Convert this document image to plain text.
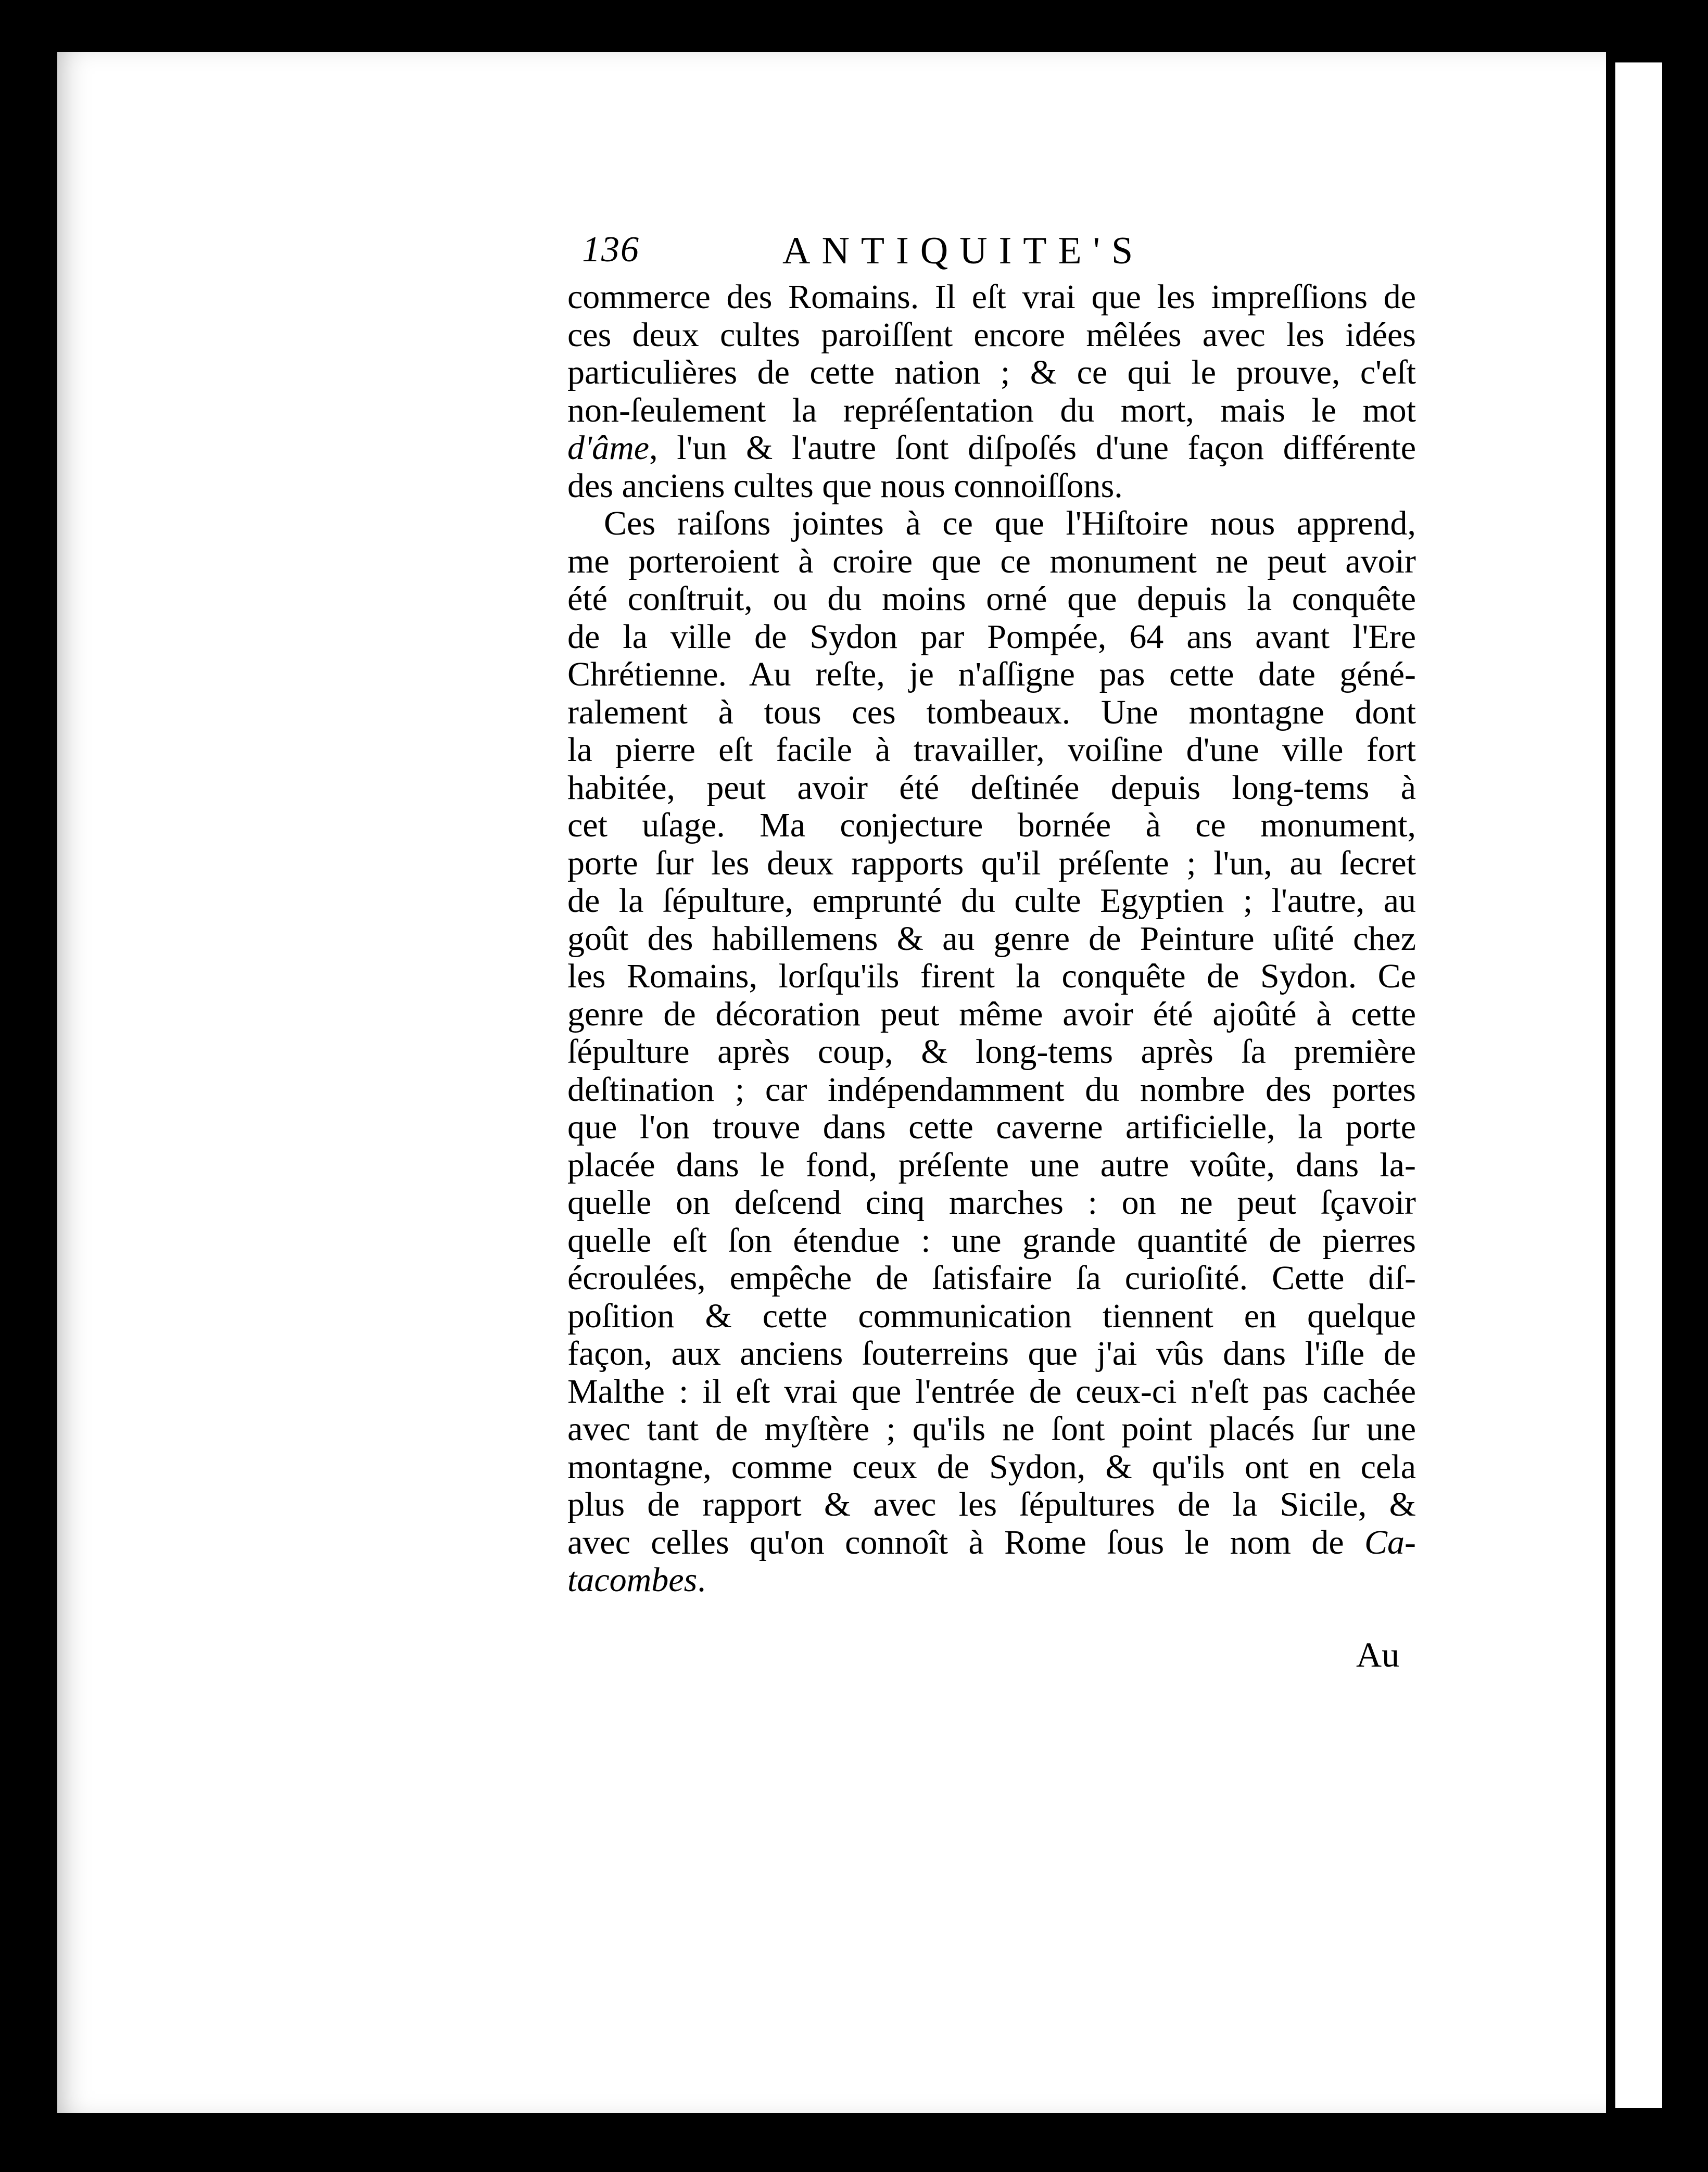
136	ANTIQUITE'S
commerce des Romains. Il eſt vrai que les impreſſions de
ces deux cultes paroiſſent encore mêlées avec les idées
particulières de cette nation ; & ce qui le prouve, c'eſt
non-ſeulement la repréſentation du mort, mais le mot
d'âme, l'un & l'autre ſont diſpoſés d'une façon différente
des anciens cultes que nous connoiſſons.
Ces raiſons jointes à ce que l'Hiſtoire nous apprend,
me porteroient à croire que ce monument ne peut avoir
été conſtruit, ou du moins orné que depuis la conquête
de la ville de Sydon par Pompée, 64 ans avant l'Ere
Chrétienne. Au reſte, je n'aſſigne pas cette date géné-
ralement à tous ces tombeaux. Une montagne dont
la pierre eſt facile à travailler, voiſine d'une ville fort
habitée, peut avoir été deſtinée depuis long-tems à
cet uſage. Ma conjecture bornée à ce monument,
porte ſur les deux rapports qu'il préſente ; l'un, au ſecret
de la ſépulture, emprunté du culte Egyptien ; l'autre, au
goût des habillemens & au genre de Peinture uſité chez
les Romains, lorſqu'ils firent la conquête de Sydon. Ce
genre de décoration peut même avoir été ajoûté à cette
ſépulture après coup, & long-tems après ſa première
deſtination ; car indépendamment du nombre des portes
que l'on trouve dans cette caverne artificielle, la porte
placée dans le fond, préſente une autre voûte, dans la-
quelle on deſcend cinq marches : on ne peut ſçavoir
quelle eſt ſon étendue : une grande quantité de pierres
écroulées, empêche de ſatisfaire ſa curioſité. Cette diſ-
poſition & cette communication tiennent en quelque
façon, aux anciens ſouterreins que j'ai vûs dans l'iſle de
Malthe : il eſt vrai que l'entrée de ceux-ci n'eſt pas cachée
avec tant de myſtère ; qu'ils ne ſont point placés ſur une
montagne, comme ceux de Sydon, & qu'ils ont en cela
plus de rapport & avec les ſépultures de la Sicile, &
avec celles qu'on connoît à Rome ſous le nom de Ca-
tacombes.
Au
